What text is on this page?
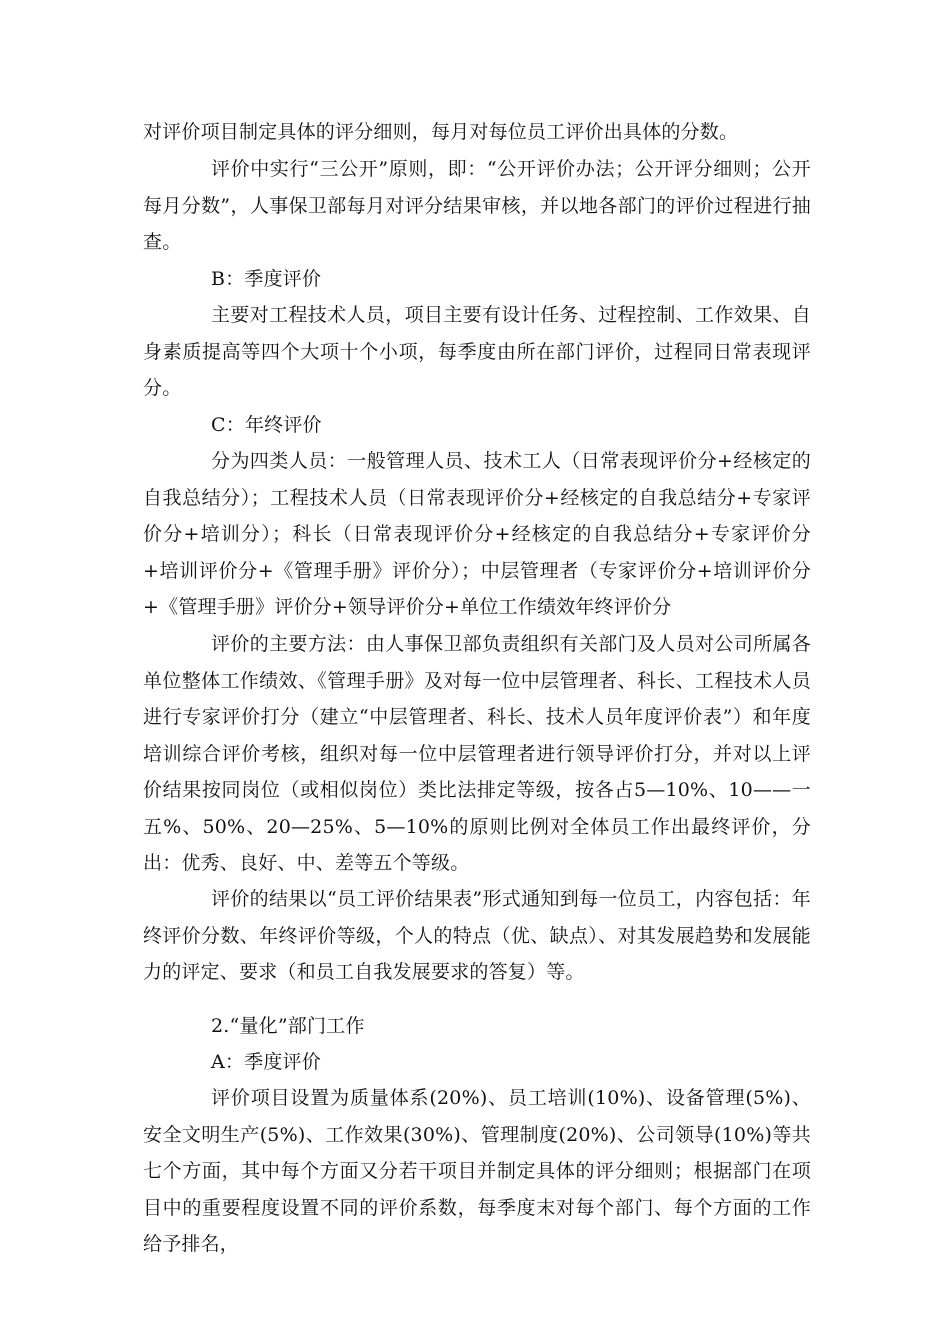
对评价项目制定具体的评分细则，每月对每位员工评价出具体的分数。

评价中实行“三公开”原则，即：“公开评价办法；公开评分细则；公开每月分数”，人事保卫部每月对评分结果审核，并以地各部门的评价过程进行抽查。

B：季度评价

主要对工程技术人员，项目主要有设计任务、过程控制、工作效果、自身素质提高等四个大项十个小项，每季度由所在部门评价，过程同日常表现评分。

C：年终评价

分为四类人员：一般管理人员、技术工人（日常表现评价分+经核定的自我总结分）；工程技术人员（日常表现评价分+经核定的自我总结分+专家评价分+培训分）；科长（日常表现评价分+经核定的自我总结分+专家评价分+培训评价分+《管理手册》评价分）；中层管理者（专家评价分+培训评价分+《管理手册》评价分+领导评价分+单位工作绩效年终评价分

评价的主要方法：由人事保卫部负责组织有关部门及人员对公司所属各单位整体工作绩效、《管理手册》及对每一位中层管理者、科长、工程技术人员进行专家评价打分（建立“中层管理者、科长、技术人员年度评价表”）和年度培训综合评价考核，组织对每一位中层管理者进行领导评价打分，并对以上评价结果按同岗位（或相似岗位）类比法排定等级，按各占5—10%、10——一五%、50%、20—25%、5—10%的原则比例对全体员工作出最终评价，分出：优秀、良好、中、差等五个等级。

评价的结果以“员工评价结果表”形式通知到每一位员工，内容包括：年终评价分数、年终评价等级，个人的特点（优、缺点）、对其发展趋势和发展能力的评定、要求（和员工自我发展要求的答复）等。

2.“量化”部门工作

A：季度评价

评价项目设置为质量体系(20%)、员工培训(10%)、设备管理(5%)、安全文明生产(5%)、工作效果(30%)、管理制度(20%)、公司领导(10%)等共七个方面，其中每个方面又分若干项目并制定具体的评分细则；根据部门在项目中的重要程度设置不同的评价系数，每季度末对每个部门、每个方面的工作给予排名，
